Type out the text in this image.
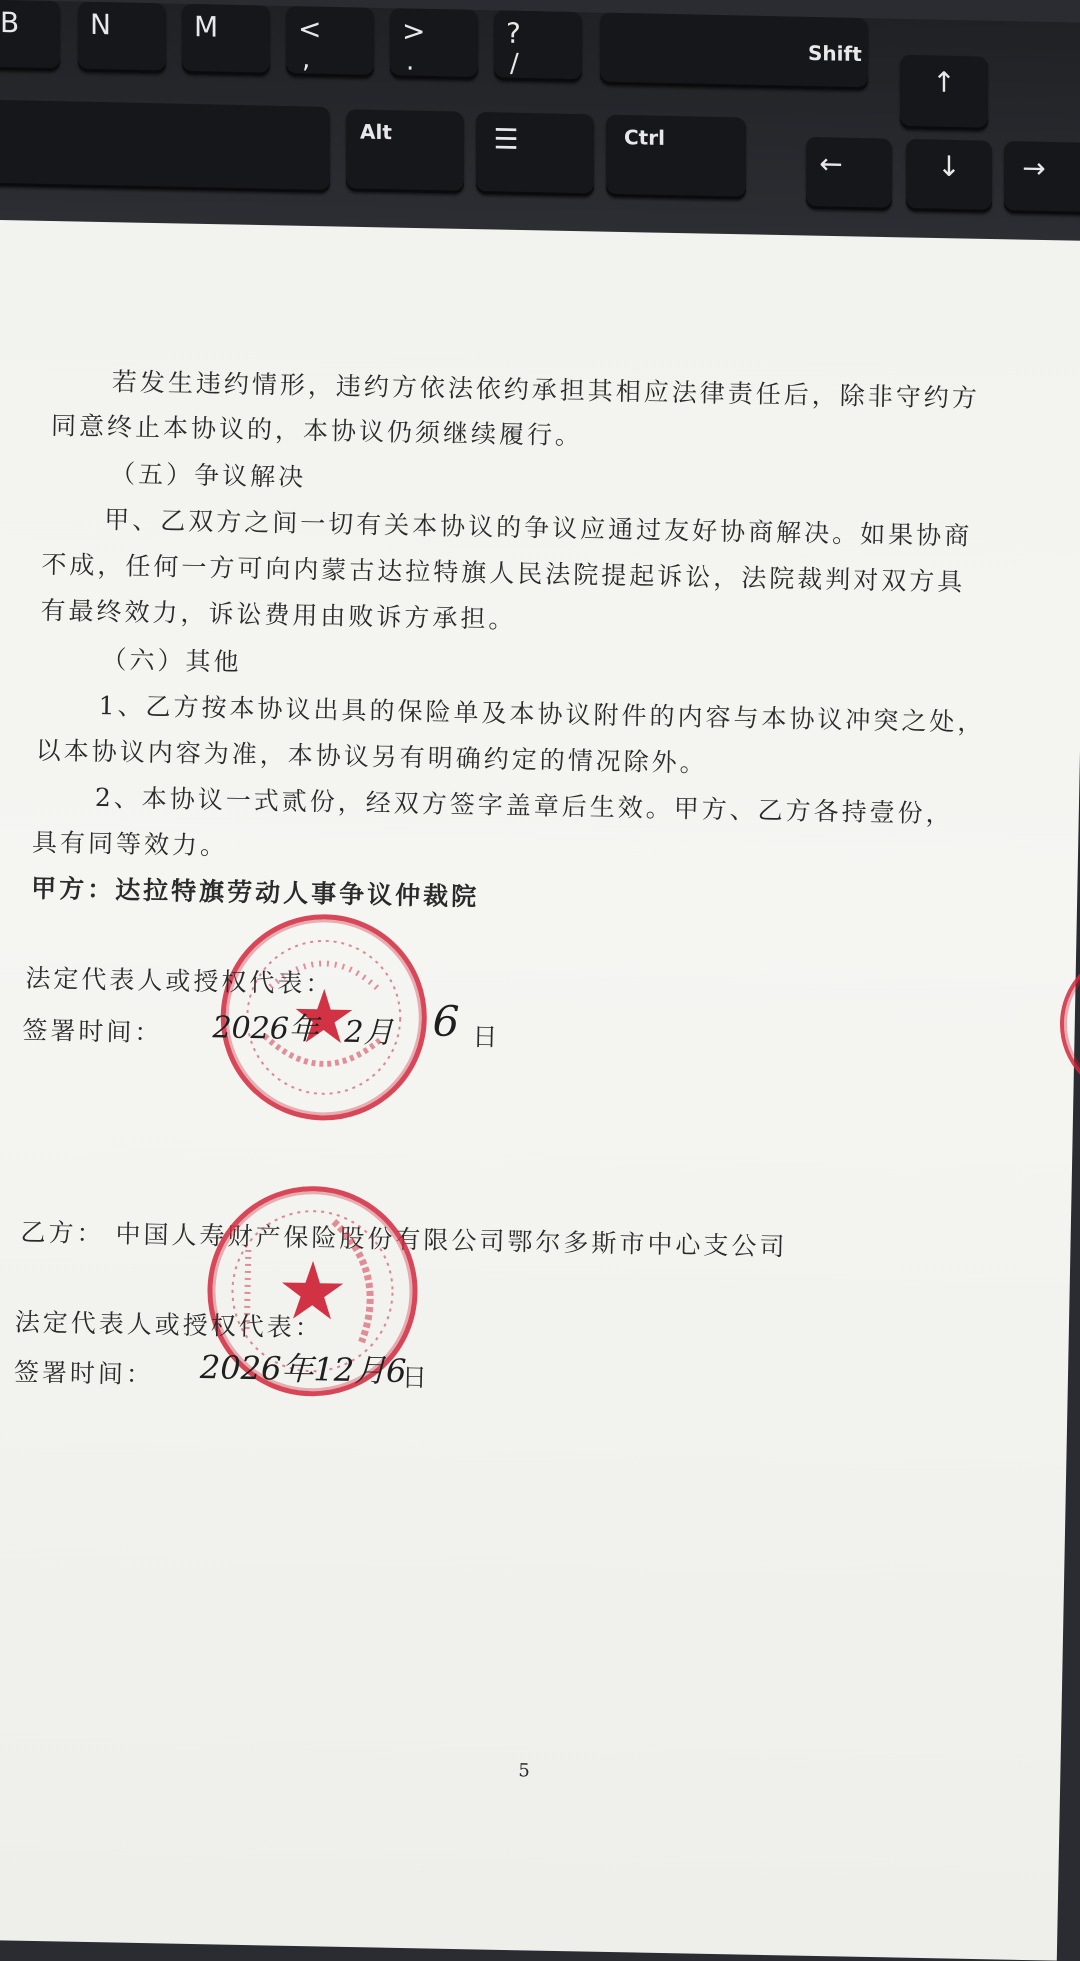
B	N	M	<
,
>
.
?
/	Shift
↑
Alt	☰	Ctrl
←	↓	→
若发生违约情形，违约方依法依约承担其相应法律责任后，除非守约方
同意终止本协议的，本协议仍须继续履行。
（五）争议解决
甲、乙双方之间一切有关本协议的争议应通过友好协商解决。如果协商
不成，任何一方可向内蒙古达拉特旗人民法院提起诉讼，法院裁判对双方具
有最终效力，诉讼费用由败诉方承担。
（六）其他
1、乙方按本协议出具的保险单及本协议附件的内容与本协议冲突之处，
以本协议内容为准，本协议另有明确约定的情况除外。
2、本协议一式贰份，经双方签字盖章后生效。甲方、乙方各持壹份，
具有同等效力。
甲方：达拉特旗劳动人事争议仲裁院
★
法定代表人或授权代表：
签署时间： 2026年 2月 6 日
乙方： 中国人寿财产保险股份有限公司鄂尔多斯市中心支公司
★
法定代表人或授权代表：
签署时间： 2026年12月6
日
5
